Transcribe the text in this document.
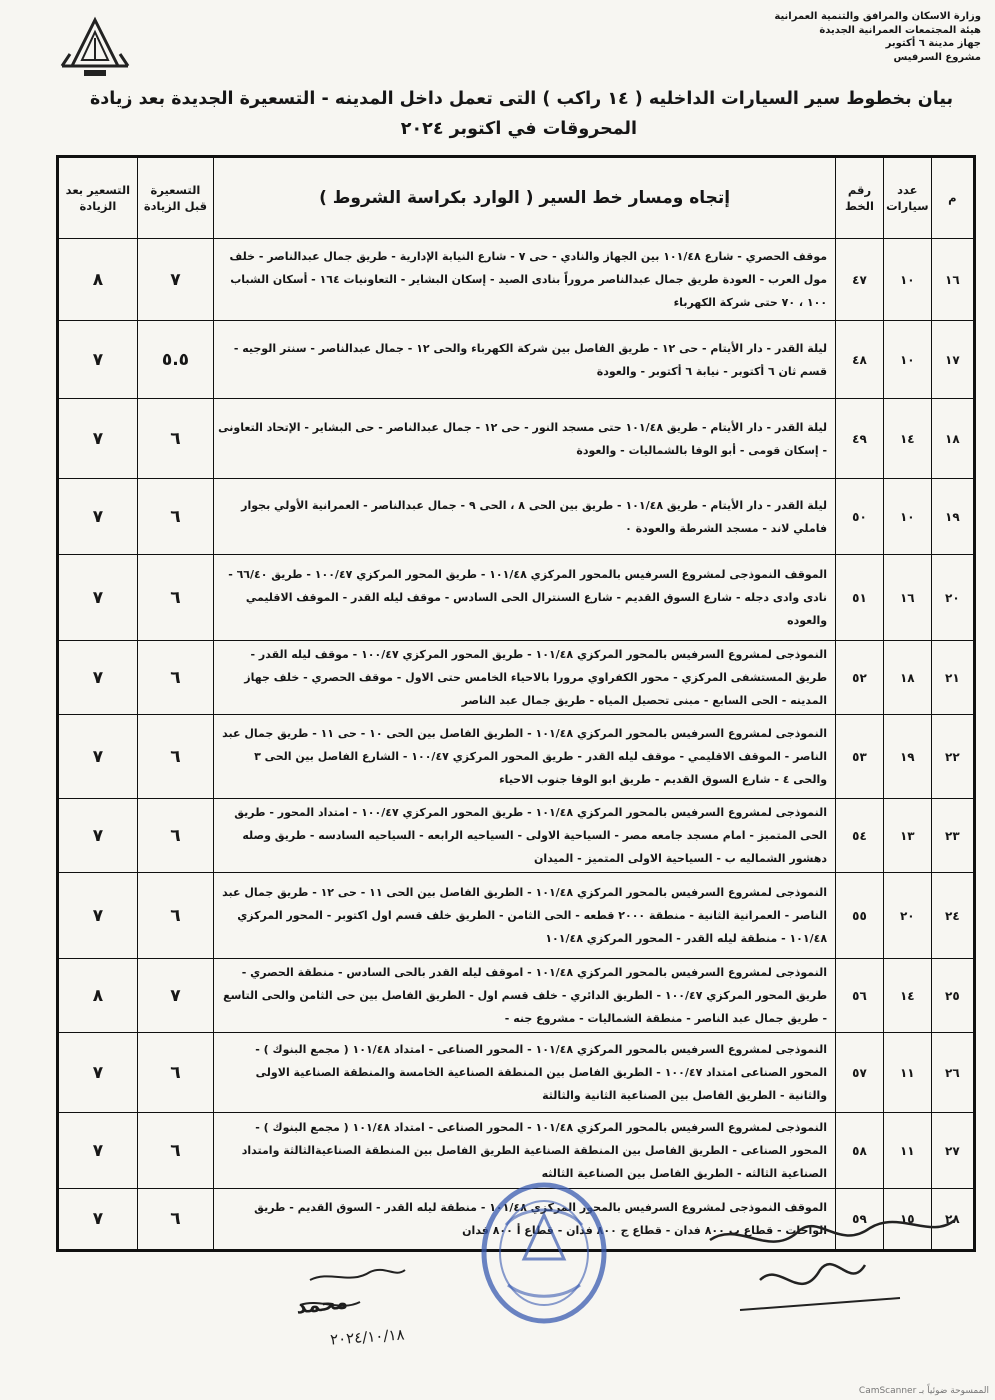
وزارة الاسكان والمرافق والتنمية العمرانية
هيئة المجتمعات العمرانية الجديدة
جهاز مدينة ٦ أكتوبر
مشروع السرفيس
بيان بخطوط سير السيارات الداخليه ( ١٤ راكب ) التى تعمل داخل المدينه - التسعيرة الجديدة بعد زيادة
المحروقات في اكتوبر ٢٠٢٤
م	عدد سيارات	رقم الخط	إتجاه ومسار خط السير ( الوارد بكراسة الشروط )	التسعيرة قبل الزيادة	التسعير بعد الزيادة
١٦	١٠	٤٧	موقف الحصري - شارع ١٠١/٤٨ بين الجهاز والنادي - حى ٧ - شارع النيابة الإدارية - طريق جمال عبدالناصر - خلف مول العرب - العودة طريق جمال عبدالناصر مروراً بنادى الصيد - إسكان البشاير - التعاونيات ١٦٤ - أسكان الشباب ١٠٠ ، ٧٠ حتى شركة الكهرباء	٧	٨
١٧	١٠	٤٨	ليلة القدر - دار الأيتام - حى ١٢ - طريق الفاصل بين شركة الكهرباء والحى ١٢ - جمال عبدالناصر - سنتر الوجيه - قسم ثان ٦ أكتوبر - نيابة ٦ أكتوبر - والعودة	٥.٥	٧
١٨	١٤	٤٩	ليلة القدر - دار الأيتام - طريق ١٠١/٤٨ حتى مسجد النور - حى ١٢ - جمال عبدالناصر - حى البشاير - الإتحاد التعاونى - إسكان قومى - أبو الوفا بالشماليات - والعودة	٦	٧
١٩	١٠	٥٠	ليلة القدر - دار الأيتام - طريق ١٠١/٤٨ - طريق بين الحى ٨ ، الحى ٩ - جمال عبدالناصر - العمرانية الأولي بجوار فاملي لاند - مسجد الشرطة والعودة ٠	٦	٧
٢٠	١٦	٥١	الموقف النموذجى لمشروع السرفيس بالمحور المركزي ١٠١/٤٨ - طريق المحور المركزي ١٠٠/٤٧ - طريق ٦٦/٤٠ - نادى وادى دجله - شارع السوق القديم - شارع السنترال الحى السادس - موقف ليله القدر - الموقف الاقليمي والعوده	٦	٧
٢١	١٨	٥٢	النموذجى لمشروع السرفيس بالمحور المركزي ١٠١/٤٨ - طريق المحور المركزي ١٠٠/٤٧ - موقف ليله القدر - طريق المستشفى المركزي - محور الكفراوي مرورا بالاحياء الخامس حتى الاول - موقف الحصري - خلف جهاز المدينه - الحى السابع - مبنى تحصيل المياه - طريق جمال عبد الناصر	٦	٧
٢٢	١٩	٥٣	النموذجى لمشروع السرفيس بالمحور المركزي ١٠١/٤٨ - الطريق الفاصل بين الحى ١٠ - حى ١١ - طريق جمال عبد الناصر - الموقف الاقليمي - موقف ليله القدر - طريق المحور المركزي ١٠٠/٤٧ - الشارع الفاصل بين الحى ٣ والحى ٤ - شارع السوق القديم - طريق ابو الوفا جنوب الاحياء	٦	٧
٢٣	١٣	٥٤	النموذجى لمشروع السرفيس بالمحور المركزي ١٠١/٤٨ - طريق المحور المركزي ١٠٠/٤٧ - امتداد المحور - طريق الحى المتميز - امام مسجد جامعه مصر - السياحية الاولى - السياحيه الرابعه - السياحيه السادسه - طريق وصله دهشور الشماليه ب - السياحية الاولى المتميز - الميدان	٦	٧
٢٤	٢٠	٥٥	النموذجى لمشروع السرفيس بالمحور المركزي ١٠١/٤٨ - الطريق الفاصل بين الحى ١١ - حى ١٢ - طريق جمال عبد الناصر - العمرانية الثانية - منطقة ٢٠٠٠ قطعه - الحى الثامن - الطريق خلف قسم اول اكتوبر - المحور المركزي ١٠١/٤٨ - منطقة ليله القدر - المحور المركزي ١٠١/٤٨	٦	٧
٢٥	١٤	٥٦	النموذجى لمشروع السرفيس بالمحور المركزي ١٠١/٤٨ - اموقف ليله القدر بالحى السادس - منطقة الحصري - طريق المحور المركزي ١٠٠/٤٧ - الطريق الدائري - خلف قسم اول - الطريق الفاصل بين حى الثامن والحى التاسع - طريق جمال عبد الناصر - منطقة الشماليات - مشروع جنه -	٧	٨
٢٦	١١	٥٧	النموذجى لمشروع السرفيس بالمحور المركزي ١٠١/٤٨ - المحور الصناعى - امتداد ١٠١/٤٨ ( مجمع البنوك ) - المحور الصناعى امتداد ١٠٠/٤٧ - الطريق الفاصل بين المنطقة الصناعية الخامسة والمنطقة الصناعية الاولى والثانية - الطريق الفاصل بين الصناعية الثانية والثالثة	٦	٧
٢٧	١١	٥٨	النموذجى لمشروع السرفيس بالمحور المركزي ١٠١/٤٨ - المحور الصناعى - امتداد ١٠١/٤٨ ( مجمع البنوك ) - المحور الصناعى - الطريق الفاصل بين المنطقة الصناعية الطريق الفاصل بين المنطقة الصناعيةالثالثة وامتداد الصناعية الثالثه - الطريق الفاصل بين الصناعية الثالثه	٦	٧
٢٨	١٥	٥٩	الموقف النموذجى لمشروع السرفيس بالمحور المركزي ١٠١/٤٨ - منطقة ليله القدر - السوق القديم - طريق الواحات - قطاع ب ٨٠٠ فدان - قطاع ج ٨٠٠ فدان - قطاع أ ٨٠٠ فدان	٦	٧
محمد
٢٠٢٤/١٠/١٨
الممسوحة ضوئياً بـ CamScanner
